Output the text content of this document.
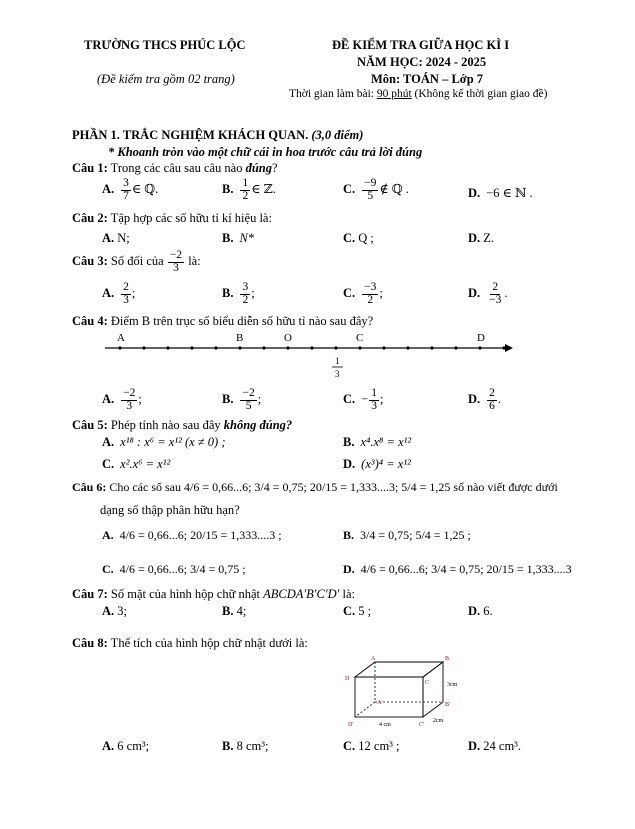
TRƯỜNG THCS PHÚC LỘC
(Đề kiểm tra gồm 02 trang)
ĐỀ KIỂM TRA GIỮA HỌC KÌ I
NĂM HỌC: 2024 - 2025
Môn: TOÁN – Lớp 7
Thời gian làm bài: 90 phút (Không kể thời gian giao đề)
PHẦN 1. TRẮC NGHIỆM KHÁCH QUAN. (3,0 điểm)
* Khoanh tròn vào một chữ cái in hoa trước câu trả lời đúng
Câu 1: Trong các câu sau câu nào đúng?
A. $\frac{3}{7}$ ∈ ℚ.	B. $\frac{1}{2}$ ∈ ℤ.	C. $\frac{-9}{5}$ ∉ ℚ .	D. −6 ∈ ℕ .
Câu 2: Tập hợp các số hữu tỉ kí hiệu là:
A. N;	B. N*	C. Q ;	D. Z.
Câu 3: Số đối của $\frac{-2}{3}$ là:
A. $\frac{2}{3}$ ;	B. $\frac{3}{2}$ ;	C. $\frac{-3}{2}$ ;	D. $\frac{2}{-3}$ .
Câu 4: Điểm B trên trục số biểu diễn số hữu tỉ nào sau đây?
A	B	O	C	D
1
3
A. $\frac{-2}{3}$ ;	B. $\frac{-2}{5}$ ;	C. − $\frac{1}{3}$ ;	D. $\frac{2}{6}$ .
Câu 5: Phép tính nào sau đây không đúng?
A. x¹⁸ : x⁶ = x¹² (x ≠ 0) ;	B. x⁴.x⁸ = x¹²
C. x².x⁶ = x¹²	D. (x³)⁴ = x¹²
Câu 6: Cho các số sau 4/6 = 0,66...6; 3/4 = 0,75; 20/15 = 1,333....3; 5/4 = 1,25 số nào viết được dưới
dạng số thập phân hữu hạn?
A. 4/6 = 0,66...6; 20/15 = 1,333....3 ;	B. 3/4 = 0,75; 5/4 = 1,25 ;
C. 4/6 = 0,66...6; 3/4 = 0,75 ;	D. 4/6 = 0,66...6; 3/4 = 0,75; 20/15 = 1,333....3
Câu 7: Số mặt của hình hộp chữ nhật ABCDA′B′C′D′ là:
A. 3;	B. 4;	C. 5 ;	D. 6.
Câu 8: Thể tích của hình hộp chữ nhật dưới là:
A	B
C
D
A'	B'
C'
D'	4 cm
3cm
2cm
A. 6 cm³;	B. 8 cm³;	C. 12 cm³ ;	D. 24 cm³.
